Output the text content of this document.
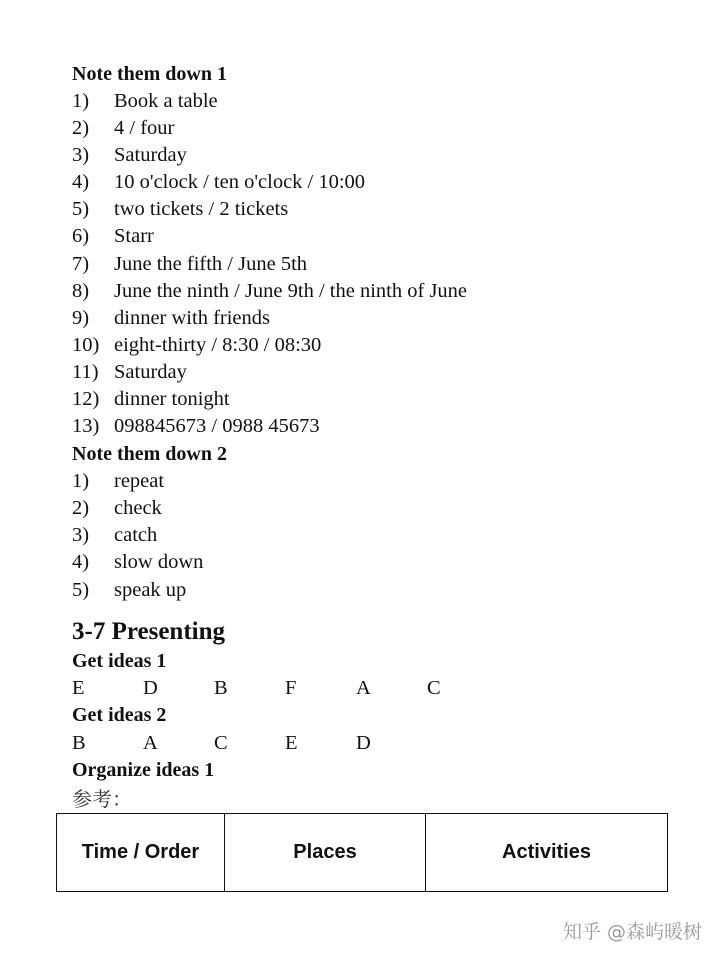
Note them down 1
1) Book a table
2) 4 / four
3) Saturday
4) 10 o'clock / ten o'clock / 10:00
5) two tickets / 2 tickets
6) Starr
7) June the fifth / June 5th
8) June the ninth / June 9th / the ninth of June
9) dinner with friends
10) eight-thirty / 8:30 / 08:30
11) Saturday
12) dinner tonight
13) 098845673 / 0988 45673
Note them down 2
1) repeat
2) check
3) catch
4) slow down
5) speak up
3-7 Presenting
Get ideas 1
E	D	B	F	A	C
Get ideas 2
B	A	C	E	D
Organize ideas 1
参考：
Time / Order	Places	Activities
知乎 @森屿暖树
